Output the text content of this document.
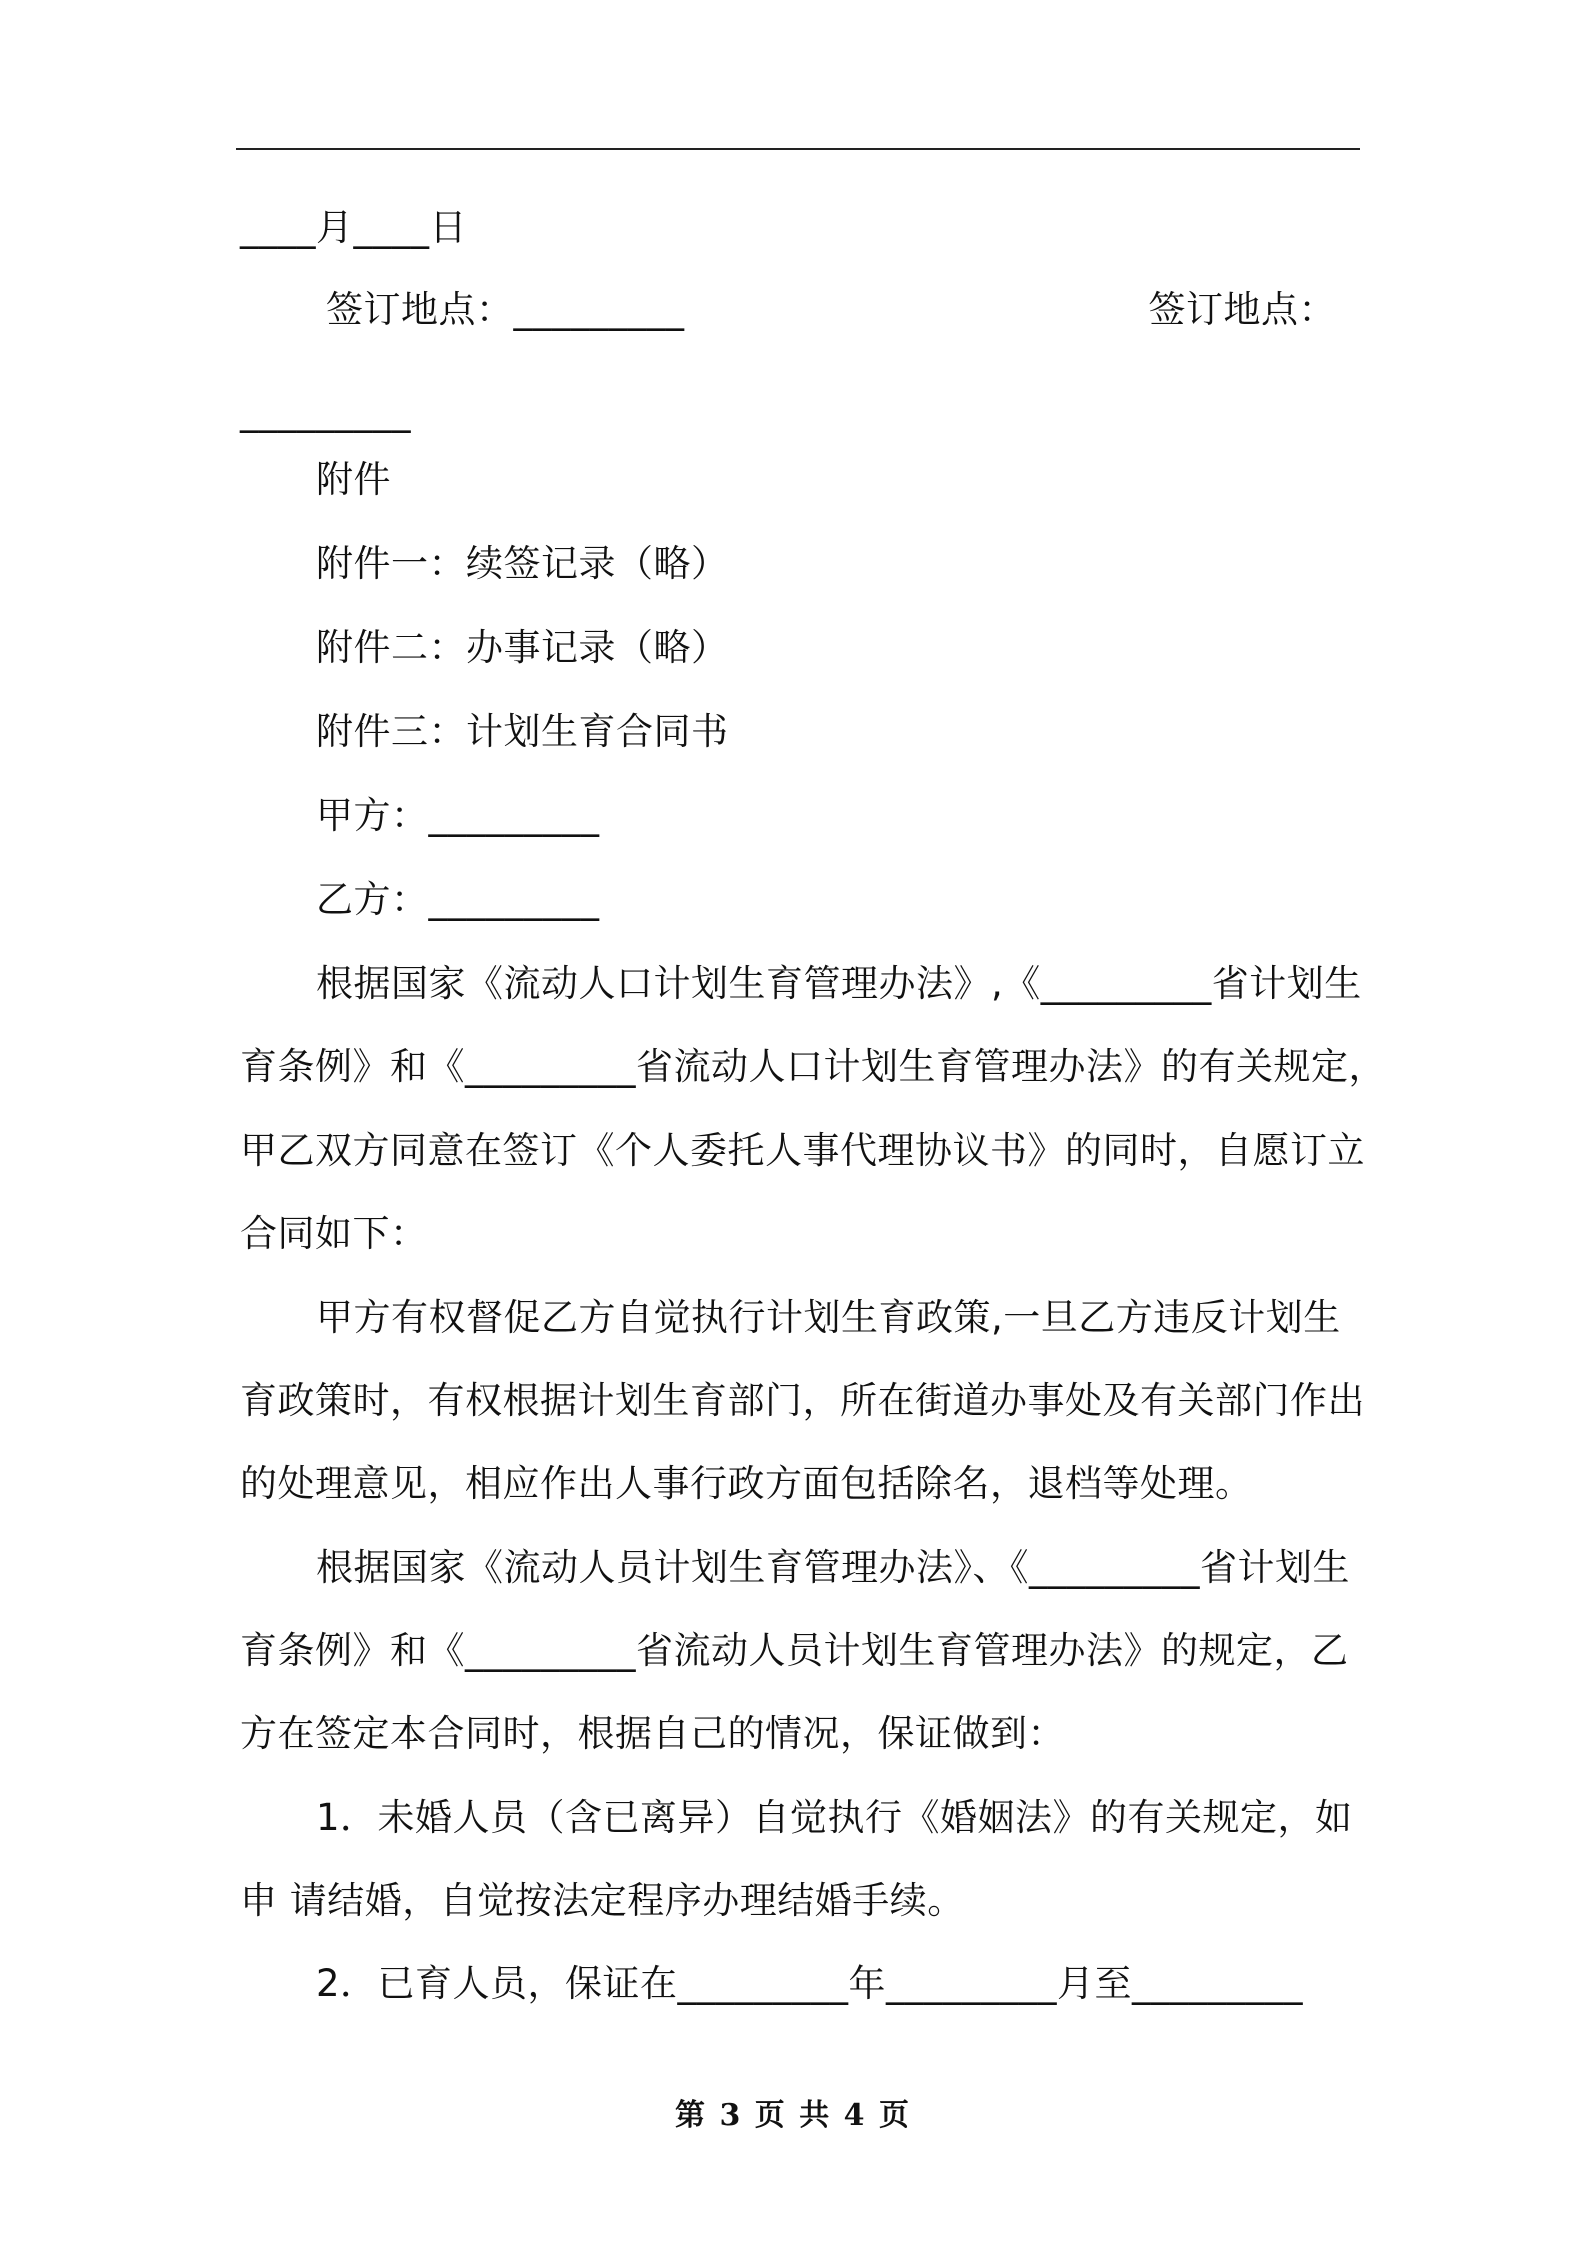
____月____日
签订地点：_________	签订地点：
_________
附件
附件一：续签记录（略）
附件二：办事记录（略）
附件三：计划生育合同书
甲方：_________
乙方：_________
根据国家《流动人口计划生育管理办法》,《_________省计划生
育条例》和《_________省流动人口计划生育管理办法》的有关规定，
甲乙双方同意在签订《个人委托人事代理协议书》的同时，自愿订立
合同如下：
甲方有权督促乙方自觉执行计划生育政策,一旦乙方违反计划生
育政策时，有权根据计划生育部门，所在街道办事处及有关部门作出
的处理意见，相应作出人事行政方面包括除名，退档等处理。
根据国家《流动人员计划生育管理办法》、《_________省计划生
育条例》和《_________省流动人员计划生育管理办法》的规定，乙
方在签定本合同时，根据自己的情况，保证做到：
1．未婚人员（含已离异）自觉执行《婚姻法》的有关规定，如
申 请结婚，自觉按法定程序办理结婚手续。
2．已育人员，保证在_________年_________月至_________
第 3 页 共 4 页
